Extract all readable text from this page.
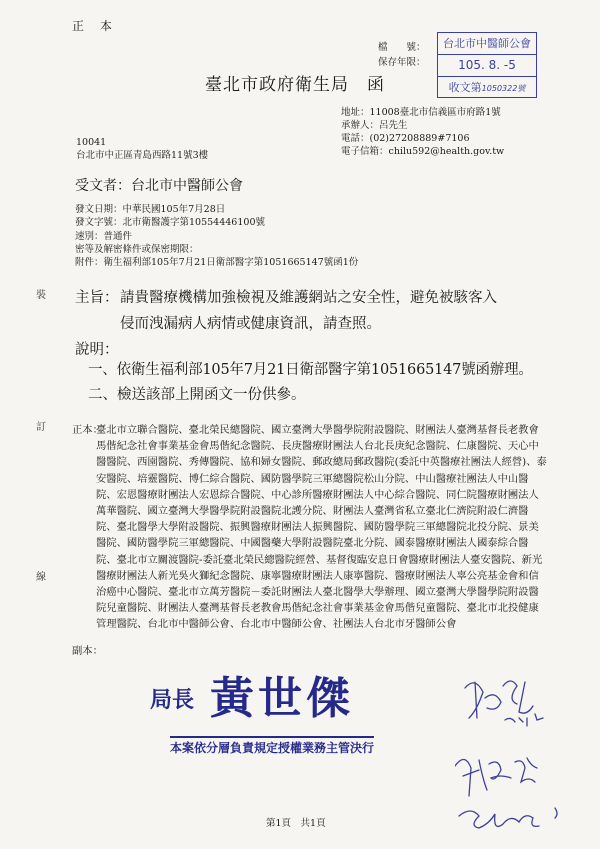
正 本
檔　　號：
保存年限：
台北市中醫師公會
105. 8. -5
收文第1050322號
臺北市政府衛生局　函
地址：11008臺北市信義區市府路1號
承辦人：呂先生
電話：(02)27208889#7106
電子信箱：chilu592@health.gov.tw
10041
台北市中正區青島西路11號3樓
受文者：台北市中醫師公會
發文日期：中華民國105年7月28日
發文字號：北市衛醫護字第10554446100號
速別：普通件
密等及解密條件或保密期限：
附件：衛生福利部105年7月21日衛部醫字第1051665147號函1份
裝
訂
線
主旨： 請貴醫療機構加強檢視及維護網站之安全性，避免被駭客入
侵而洩漏病人病情或健康資訊，請查照。
說明：
一、依衛生福利部105年7月21日衛部醫字第1051665147號函辦理。
二、檢送該部上開函文一份供參。
正本：
臺北市立聯合醫院、臺北榮民總醫院、國立臺灣大學醫學院附設醫院、財團法人臺灣基督長老教會馬偕紀念社會事業基金會馬偕紀念醫院、長庚醫療財團法人台北長庚紀念醫院、仁康醫院、天心中醫醫院、西園醫院、秀傳醫院、協和婦女醫院、郵政總局郵政醫院(委託中英醫療社團法人經營)、泰安醫院、培靈醫院、博仁綜合醫院、國防醫學院三軍總醫院松山分院、中山醫療社團法人中山醫院、宏恩醫療財團法人宏恩綜合醫院、中心診所醫療財團法人中心綜合醫院、同仁院醫療財團法人萬華醫院、國立臺灣大學醫學院附設醫院北護分院、財團法人臺灣省私立臺北仁濟院附設仁濟醫院、臺北醫學大學附設醫院、振興醫療財團法人振興醫院、國防醫學院三軍總醫院北投分院、景美醫院、國防醫學院三軍總醫院、中國醫藥大學附設醫院臺北分院、國泰醫療財團法人國泰綜合醫院、臺北市立關渡醫院-委託臺北榮民總醫院經營、基督復臨安息日會醫療財團法人臺安醫院、新光醫療財團法人新光吳火獅紀念醫院、康寧醫療財團法人康寧醫院、醫療財團法人辜公亮基金會和信治癌中心醫院、臺北市立萬芳醫院－委託財團法人臺北醫學大學辦理、國立臺灣大學醫學院附設醫院兒童醫院、財團法人臺灣基督長老教會馬偕紀念社會事業基金會馬偕兒童醫院、臺北市北投健康管理醫院、台北市中醫師公會、台北市中醫師公會、社團法人台北市牙醫師公會
副本：
局長 黃世傑
本案依分層負責規定授權業務主管決行
第1頁　共1頁
